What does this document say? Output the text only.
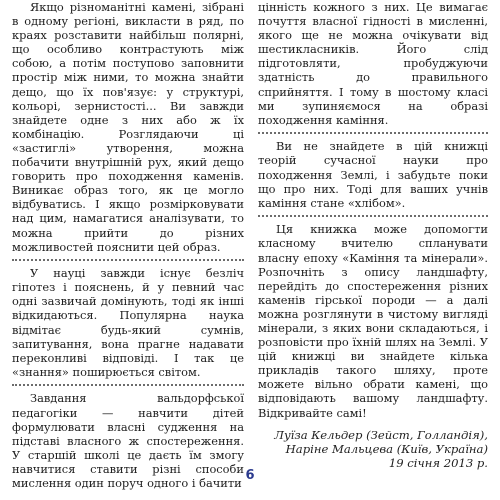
Якщо різноманітні камені, зібрані в одному регіоні, викласти в ряд, по краях розставити найбільш полярні, що особливо контрастують між собою, а потім поступово заповнити простір між ними, то можна знайти дещо, що їх пов'язує: у структурі, кольорі, зернистості... Ви завжди знайдете одне з них або ж їх комбінацію. Розглядаючи ці «застиглі» утворення, можна побачити внутрішній рух, який дещо говорить про походження каменів. Виникає образ того, як це могло відбуватись. І якщо розмірковувати над цим, намагатися аналізувати, то можна прийти до різних можливостей пояснити цей образ.

У науці завжди існує безліч гіпотез і пояснень, й у певний час одні зазвичай домінують, тоді як інші відкидаються. Популярна наука відмітає будь-який сумнів, запитування, вона прагне надавати переконливі відповіді. І так це «знання» поширюється світом.

Завдання вальдорфської педагогіки — навчити дітей формулювати власні судження на підставі власного ж спостереження. У старшій школі це даєть їм змогу навчитися ставити різні способи мислення один поруч одного і бачити

цінність кожного з них. Це вимагає почуття власної гідності в мисленні, якого ще не можна очікувати від шестикласників. Його слід підготовляти, пробуджуючи здатність до правильного сприйняття. І тому в шостому класі ми зупиняємося на образі походження каміння.

Ви не знайдете в цій книжці теорій сучасної науки про походження Землі, і забудьте поки що про них. Тоді для ваших учнів каміння стане «хлібом».

Ця книжка може допомогти класному вчителю спланувати власну епоху «Каміння та мінерали». Розпочніть з опису ландшафту, перейдіть до спостереження різних каменів гірської породи — а далі можна розглянути в чистому вигляді мінерали, з яких вони складаються, і розповісти про їхній шлях на Землі. У цій книжці ви знайдете кілька прикладів такого шляху, проте можете вільно обрати камені, що відповідають вашому ландшафту. Відкривайте самі!

Луїза Кельдер (Зейст, Голландія),
Наріне Мальцева (Київ, Україна)
19 січня 2013 р.
6
